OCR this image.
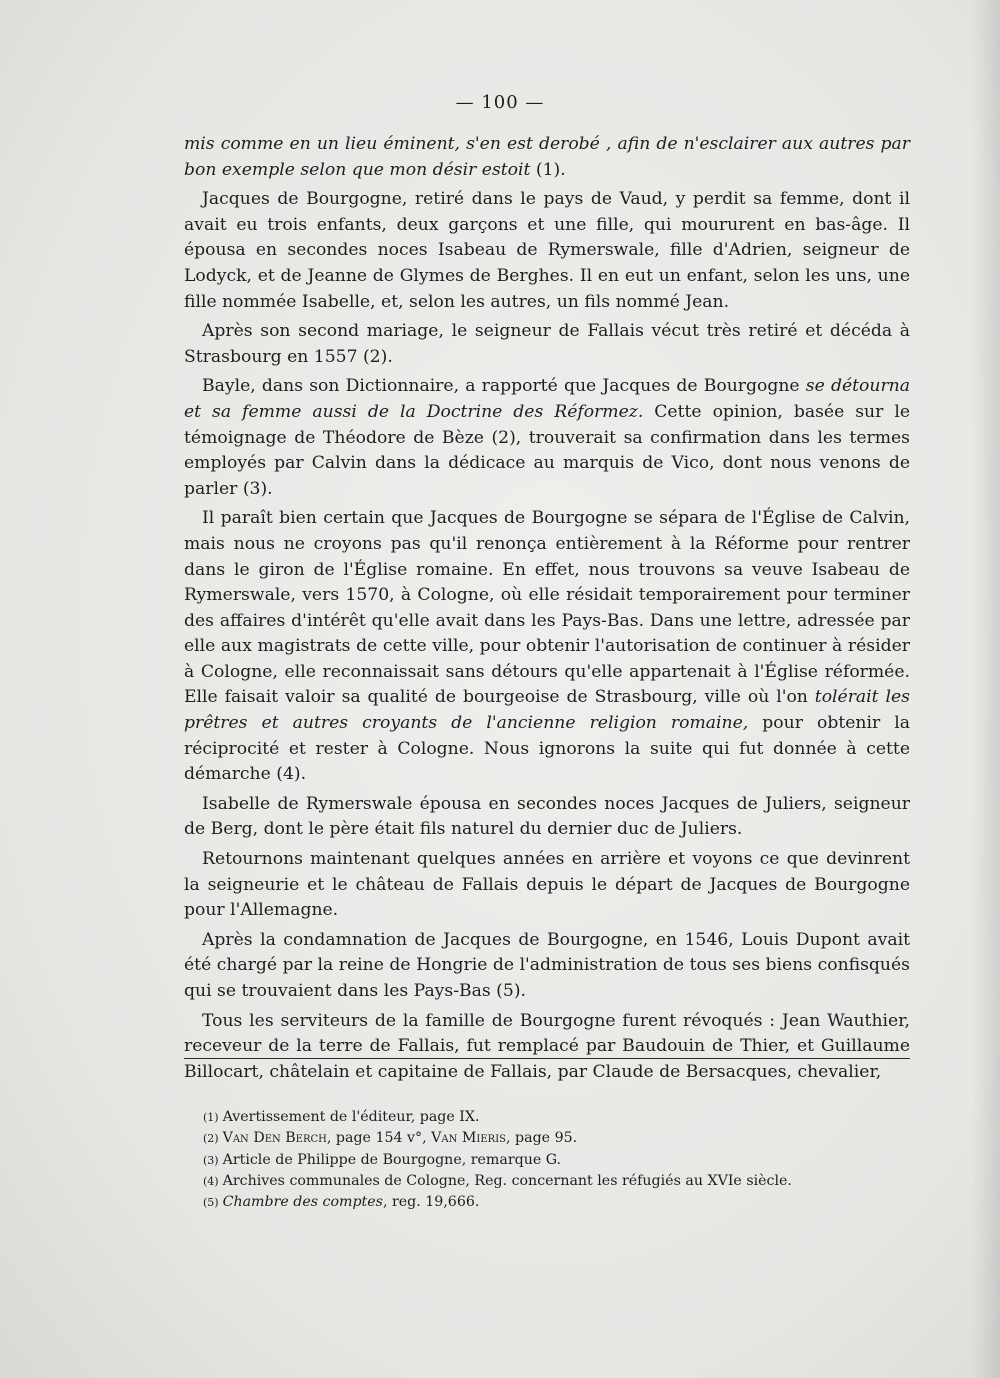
— 100 —

mis comme en un lieu éminent, s'en est derobé , afin de n'esclairer aux autres par bon exemple selon que mon désir estoit (1).

Jacques de Bourgogne, retiré dans le pays de Vaud, y perdit sa femme, dont il avait eu trois enfants, deux garçons et une fille, qui moururent en bas-âge. Il épousa en secondes noces Isabeau de Rymerswale, fille d'Adrien, seigneur de Lodyck, et de Jeanne de Glymes de Berghes. Il en eut un enfant, selon les uns, une fille nommée Isabelle, et, selon les autres, un fils nommé Jean.

Après son second mariage, le seigneur de Fallais vécut très retiré et décéda à Strasbourg en 1557 (2).

Bayle, dans son Dictionnaire, a rapporté que Jacques de Bourgogne se détourna et sa femme aussi de la Doctrine des Réformez. Cette opinion, basée sur le témoignage de Théodore de Bèze (2), trouverait sa confirmation dans les termes employés par Calvin dans la dédicace au marquis de Vico, dont nous venons de parler (3).

Il paraît bien certain que Jacques de Bourgogne se sépara de l'Église de Calvin, mais nous ne croyons pas qu'il renonça entièrement à la Réforme pour rentrer dans le giron de l'Église romaine. En effet, nous trouvons sa veuve Isabeau de Rymerswale, vers 1570, à Cologne, où elle résidait temporairement pour terminer des affaires d'intérêt qu'elle avait dans les Pays-Bas. Dans une lettre, adressée par elle aux magistrats de cette ville, pour obtenir l'autorisation de continuer à résider à Cologne, elle reconnaissait sans détours qu'elle appartenait à l'Église réformée. Elle faisait valoir sa qualité de bourgeoise de Strasbourg, ville où l'on tolérait les prêtres et autres croyants de l'ancienne religion romaine, pour obtenir la réciprocité et rester à Cologne. Nous ignorons la suite qui fut donnée à cette démarche (4).

Isabelle de Rymerswale épousa en secondes noces Jacques de Juliers, seigneur de Berg, dont le père était fils naturel du dernier duc de Juliers.

Retournons maintenant quelques années en arrière et voyons ce que devinrent la seigneurie et le château de Fallais depuis le départ de Jacques de Bourgogne pour l'Allemagne.

Après la condamnation de Jacques de Bourgogne, en 1546, Louis Dupont avait été chargé par la reine de Hongrie de l'administration de tous ses biens confisqués qui se trouvaient dans les Pays-Bas (5).

Tous les serviteurs de la famille de Bourgogne furent révoqués : Jean Wauthier, receveur de la terre de Fallais, fut remplacé par Baudouin de Thier, et Guillaume Billocart, châtelain et capitaine de Fallais, par Claude de Bersacques, chevalier,

(1) Avertissement de l'éditeur, page IX.
(2) Van Den Berch, page 154 v°, Van Mieris, page 95.
(3) Article de Philippe de Bourgogne, remarque G.
(4) Archives communales de Cologne, Reg. concernant les réfugiés au XVIe siècle.
(5) Chambre des comptes, reg. 19,666.
